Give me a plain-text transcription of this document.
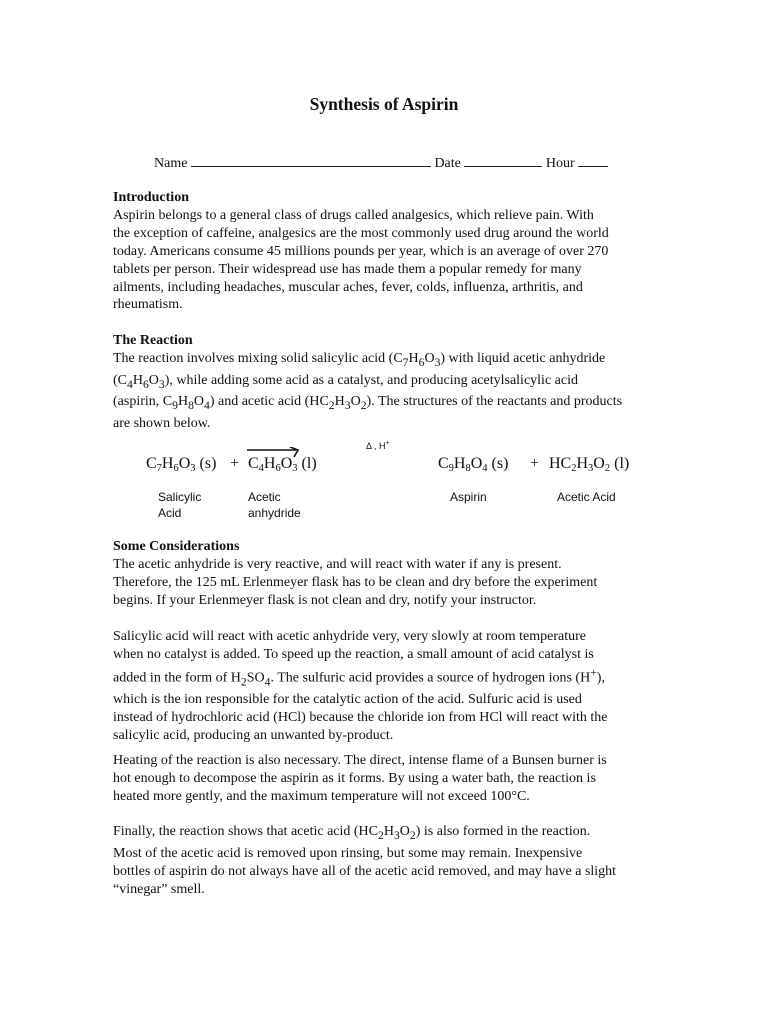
Synthesis of Aspirin
Name	Date	Hour
Introduction

Aspirin belongs to a general class of drugs called analgesics, which relieve pain. With
the exception of caffeine, analgesics are the most commonly used drug around the world
today. Americans consume 45 millions pounds per year, which is an average of over 270
tablets per person. Their widespread use has made them a popular remedy for many
ailments, including headaches, muscular aches, fever, colds, influenza, arthritis, and
rheumatism.

The Reaction

The reaction involves mixing solid salicylic acid $(C_7H_6O_3)$ with liquid acetic anhydride
$(C_4H_6O_3)$, while adding some acid as a catalyst, and producing acetylsalicylic acid
(aspirin, $C_9H_8O_4$) and acetic acid $(HC_2H_3O_2)$. The structures of the reactants and products
are shown below.

Δ , H+
$C_7H_6O_3$ $(s) + C_4H_6O_3$ (l)	$C_9H_8O_4$ $(s) + HC_2H_3O_2$ (l)
Salicylic
Acid
Acetic
anhydride
Aspirin	Acetic Acid
Some Considerations

The acetic anhydride is very reactive, and will react with water if any is present.
Therefore, the 125 mL Erlenmeyer flask has to be clean and dry before the experiment
begins. If your Erlenmeyer flask is not clean and dry, notify your instructor.

Salicylic acid will react with acetic anhydride very, very slowly at room temperature
when no catalyst is added. To speed up the reaction, a small amount of acid catalyst is
added in the form of $H_2SO_4$. The sulfuric acid provides a source of hydrogen ions (H+),
which is the ion responsible for the catalytic action of the acid. Sulfuric acid is used
instead of hydrochloric acid (HCl) because the chloride ion from HCl will react with the
salicylic acid, producing an unwanted by-product.

Heating of the reaction is also necessary. The direct, intense flame of a Bunsen burner is
hot enough to decompose the aspirin as it forms. By using a water bath, the reaction is
heated more gently, and the maximum temperature will not exceed 100°C.

Finally, the reaction shows that acetic acid $(HC_2H_3O_2)$ is also formed in the reaction.
Most of the acetic acid is removed upon rinsing, but some may remain. Inexpensive
bottles of aspirin do not always have all of the acetic acid removed, and may have a slight
“vinegar” smell.
